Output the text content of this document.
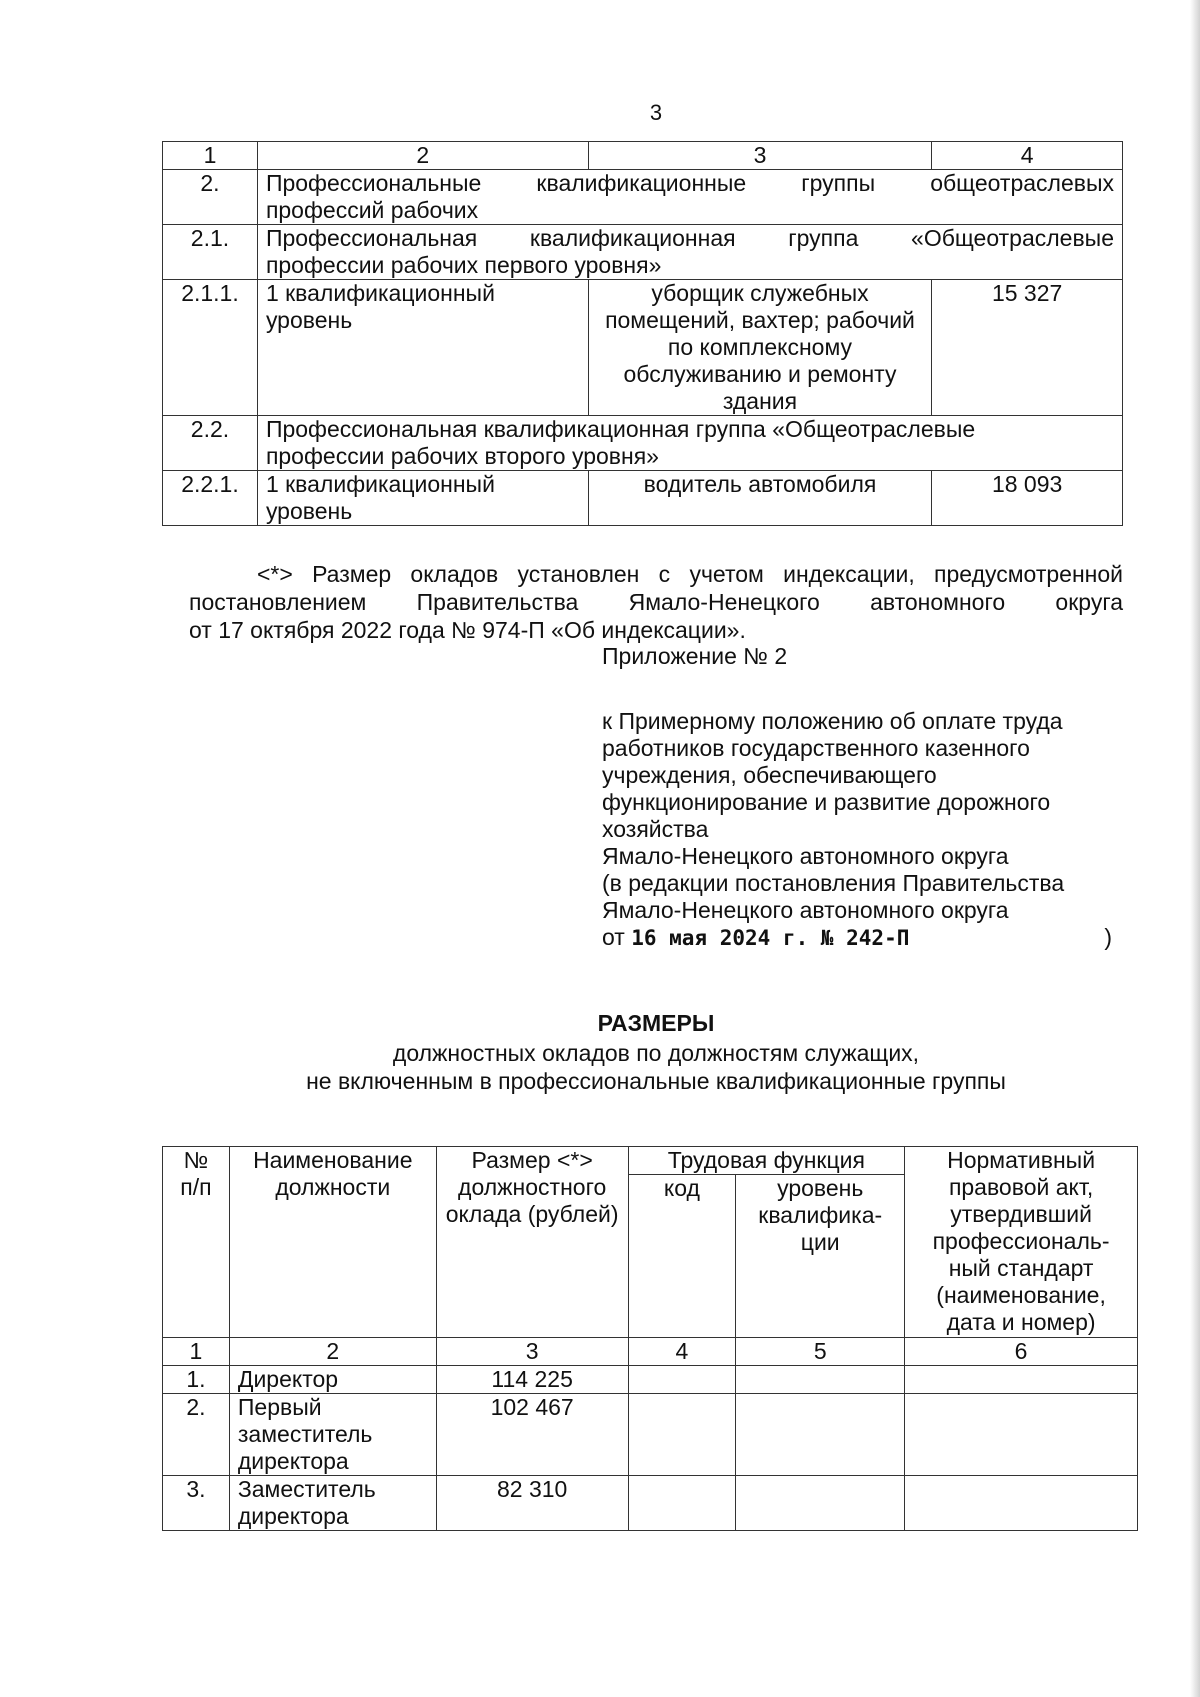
3
1	2	3	4
2.	Профессиональные квалификационные группы общеотраслевых
профессий рабочих		
2.1.	Профессиональная квалификационная группа «Общеотраслевые
профессии рабочих первого уровня»		
2.1.1.	1 квалификационный уровень	уборщик служебных помещений, вахтер; рабочий по комплексному обслуживанию и ремонту здания	15 327
2.2.	Профессиональная квалификационная группа «Общеотраслевые
профессии рабочих второго уровня»		
2.2.1.	1 квалификационный уровень	водитель автомобиля	18 093
<*> Размер окладов установлен с учетом индексации, предусмотренной
постановлением Правительства Ямало-Ненецкого автономного округа
от 17 октября 2022 года № 974-П «Об индексации».
Приложение № 2
к Примерному положению об оплате труда
работников государственного казенного
учреждения, обеспечивающего
функционирование и развитие дорожного
хозяйства
Ямало-Ненецкого автономного округа
(в редакции постановления Правительства
Ямало-Ненецкого автономного округа
от 16 мая 2024 г. № 242-П	)
РАЗМЕРЫ
должностных окладов по должностям служащих,
не включенным в профессиональные квалификационные группы
№ п/п	Наименование должности	Размер <*> должностного оклада (рублей)	Трудовая функция		Нормативный правовой акт, утвердивший профессиональ-ный стандарт (наименование, дата и номер)
			код	уровень квалифика-ции	
1	2	3	4	5	6
1.	Директор	114 225			
2.	Первый заместитель директора	102 467			
3.	Заместитель директора	82 310			
